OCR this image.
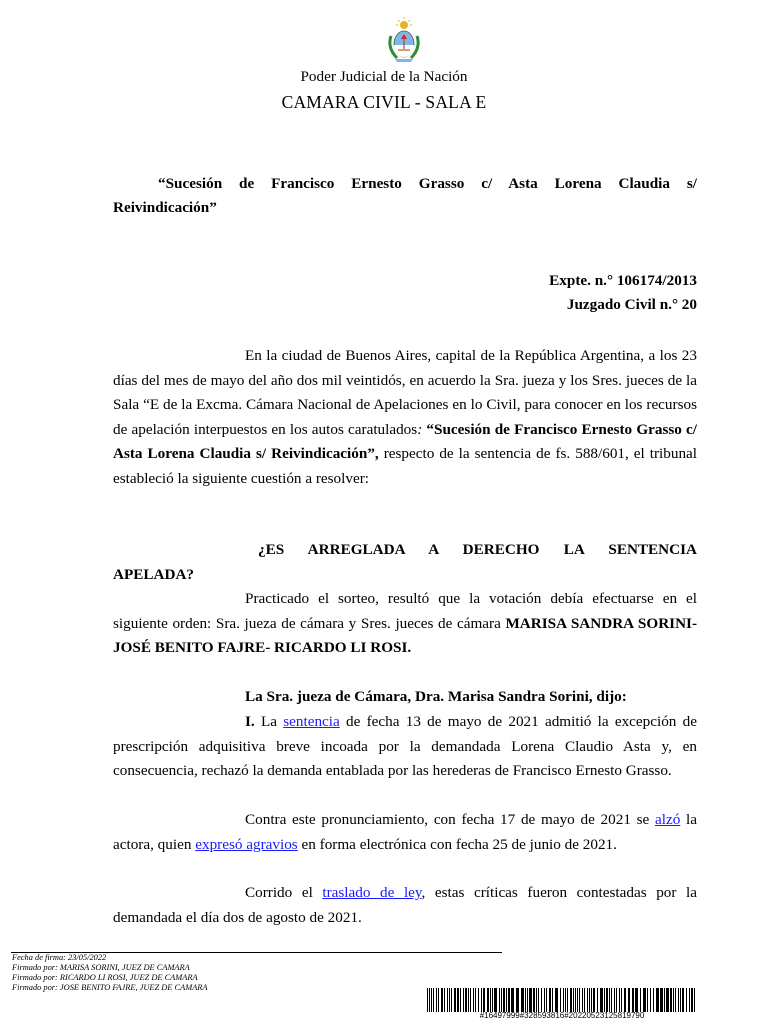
Poder Judicial de la Nación
CAMARA CIVIL - SALA E
“Sucesión de Francisco Ernesto Grasso c/ Asta Lorena Claudia s/
Reivindicación”
Expte. n.° 106174/2013
Juzgado Civil n.° 20
En la ciudad de Buenos Aires, capital de la República Argentina, a los 23 días del mes de mayo del año dos mil veintidós, en acuerdo la Sra. jueza y los Sres. jueces de la Sala “E de la Excma. Cámara Nacional de Apelaciones en lo Civil, para conocer en los recursos de apelación interpuestos en los autos caratulados: “Sucesión de Francisco Ernesto Grasso c/ Asta Lorena Claudia s/ Reivindicación”, respecto de la sentencia de fs. 588/601, el tribunal estableció la siguiente cuestión a resolver:
¿ES ARREGLADA A DERECHO LA SENTENCIA
APELADA?
Practicado el sorteo, resultó que la votación debía efectuarse en el siguiente orden: Sra. jueza de cámara y Sres. jueces de cámara MARISA SANDRA SORINI- JOSÉ BENITO FAJRE- RICARDO LI ROSI.
La Sra. jueza de Cámara, Dra. Marisa Sandra Sorini, dijo:
I. La sentencia de fecha 13 de mayo de 2021 admitió la excepción de prescripción adquisitiva breve incoada por la demandada Lorena Claudio Asta y, en consecuencia, rechazó la demanda entablada por las herederas de Francisco Ernesto Grasso.
Contra este pronunciamiento, con fecha 17 de mayo de 2021 se alzó la actora, quien expresó agravios en forma electrónica con fecha 25 de junio de 2021.
Corrido el traslado de ley, estas críticas fueron contestadas por la demandada el día dos de agosto de 2021.
Fecha de firma: 23/05/2022
Firmado por: MARISA SORINI, JUEZ DE CAMARA
Firmado por: RICARDO LI ROSI, JUEZ DE CAMARA
Firmado por: JOSE BENITO FAJRE, JUEZ DE CAMARA
#16497999#328593816#20220523125819790
